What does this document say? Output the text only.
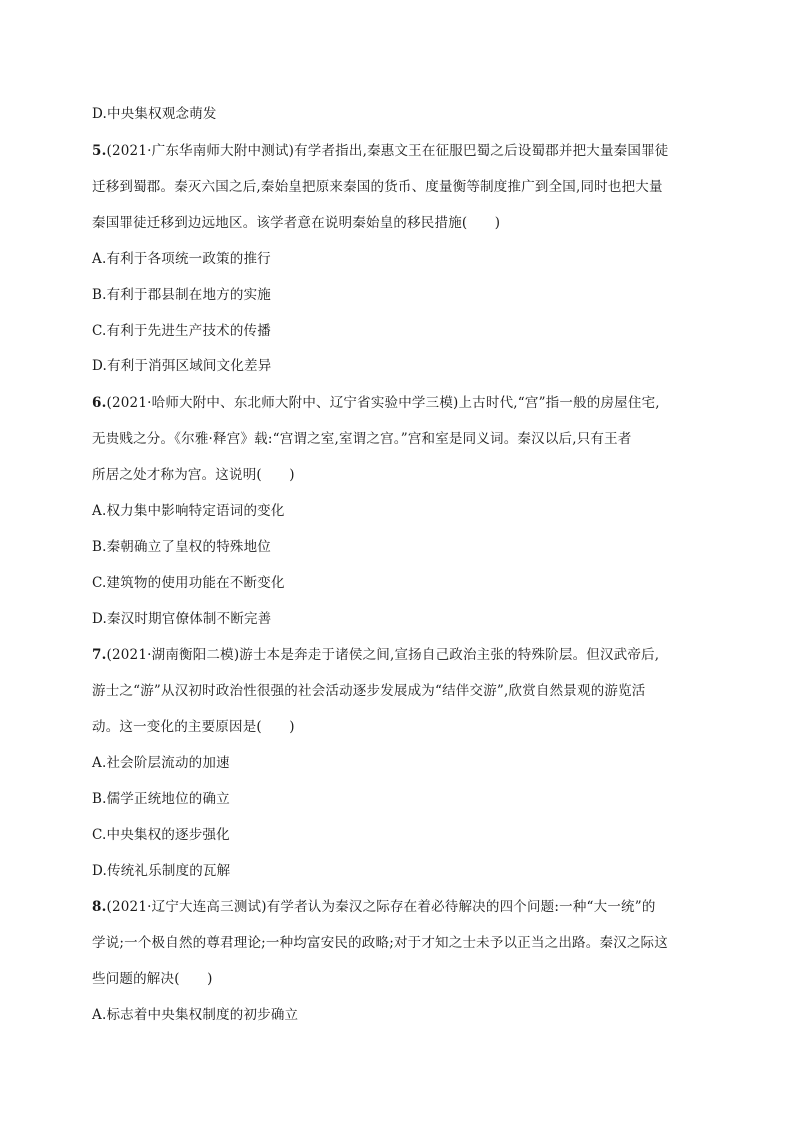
D.中央集权观念萌发
5.(2021·广东华南师大附中测试)有学者指出,秦惠文王在征服巴蜀之后设蜀郡并把大量秦国罪徒
迁移到蜀郡。秦灭六国之后,秦始皇把原来秦国的货币、度量衡等制度推广到全国,同时也把大量
秦国罪徒迁移到边远地区。该学者意在说明秦始皇的移民措施(　　)
A.有利于各项统一政策的推行
B.有利于郡县制在地方的实施
C.有利于先进生产技术的传播
D.有利于消弭区域间文化差异
6.(2021·哈师大附中、东北师大附中、辽宁省实验中学三模)上古时代,“宫”指一般的房屋住宅,
无贵贱之分。《尔雅·释宫》载:“宫谓之室,室谓之宫。”宫和室是同义词。秦汉以后,只有王者
所居之处才称为宫。这说明(　　)
A.权力集中影响特定语词的变化
B.秦朝确立了皇权的特殊地位
C.建筑物的使用功能在不断变化
D.秦汉时期官僚体制不断完善
7.(2021·湖南衡阳二模)游士本是奔走于诸侯之间,宣扬自己政治主张的特殊阶层。但汉武帝后,
游士之“游”从汉初时政治性很强的社会活动逐步发展成为“结伴交游”,欣赏自然景观的游览活
动。这一变化的主要原因是(　　)
A.社会阶层流动的加速
B.儒学正统地位的确立
C.中央集权的逐步强化
D.传统礼乐制度的瓦解
8.(2021·辽宁大连高三测试)有学者认为秦汉之际存在着必待解决的四个问题:一种“大一统”的
学说;一个极自然的尊君理论;一种均富安民的政略;对于才知之士未予以正当之出路。秦汉之际这
些问题的解决(　　)
A.标志着中央集权制度的初步确立
